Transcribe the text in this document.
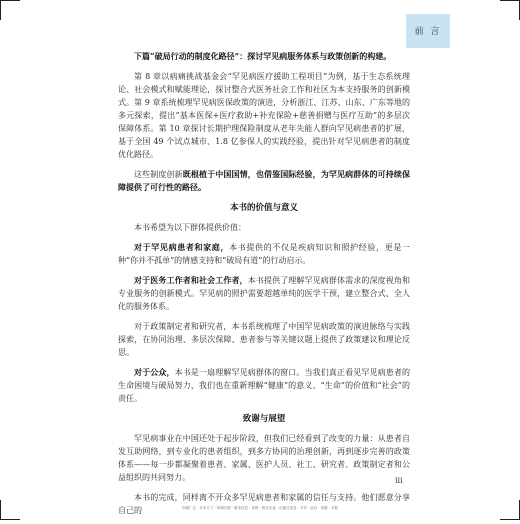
前 言

下篇“破局行动的制度化路径”：探讨罕见病服务体系与政策创新的构建。

第 8 章以病痛挑战基金会“罕见病医疗援助工程项目”为例，基于生态系统理论、社会模式和赋能理论，探讨整合式医务社会工作和社区为本支持服务的创新模式。第 9 章系统梳理罕见病医保政策的演进，分析浙江、江苏、山东、广东等地的多元探索，提出“基本医保+医疗救助+补充保险+慈善捐赠与医疗互助”的多层次保障体系。第 10 章探讨长期护理保险制度从老年失能人群向罕见病患者的扩展，基于全国 49 个试点城市、1.8 亿参保人的实践经验，提出针对罕见病患者的制度优化路径。

这些制度创新既根植于中国国情，也借鉴国际经验，为罕见病群体的可持续保障提供了可行性的路径。

本书的价值与意义

本书希望为以下群体提供价值：

对于罕见病患者和家庭，本书提供的不仅是疾病知识和照护经验，更是一种“你并不孤单”的情感支持和“破局有道”的行动启示。

对于医务工作者和社会工作者，本书提供了理解罕见病群体需求的深度视角和专业服务的创新模式。罕见病的照护需要超越单纯的医学干预，建立整合式、全人化的服务体系。

对于政策制定者和研究者，本书系统梳理了中国罕见病政策的演进脉络与实践探索，在协同治理、多层次保障、患者参与等关键议题上提供了政策建议和理论反思。

对于公众，本书是一扇理解罕见病群体的窗口。当我们真正看见罕见病患者的生命困境与破局努力，我们也在重新理解“健康”的意义、“生命”的价值和“社会”的责任。

致谢与展望

罕见病事业在中国还处于起步阶段，但我们已经看到了改变的力量：从患者自发互助网络，到专业化的患者组织，到多方协同的治理创新，再到逐步完善的政策体系——每一步都凝聚着患者、家属、医护人员、社工、研究者、政策制定者和公益组织的共同努力。

本书的完成，同样离不开众多罕见病患者和家属的信任与支持。他们愿意分享自己的

iii
印刷厂名 · 开本尺寸 · 印刷日期 · 版本信息 · 页码 · 校对记录 · 出版社信息 · 书号 · 定价 · 印数 · 字数
